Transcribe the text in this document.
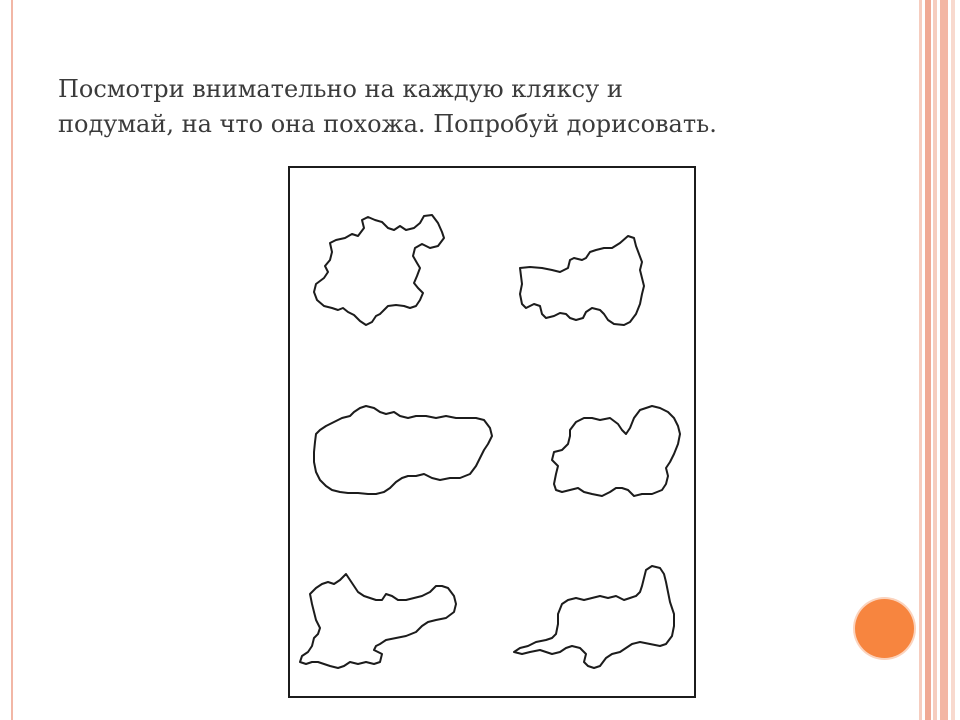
Посмотри внимательно на каждую кляксу и
подумай, на что она похожа. Попробуй дорисовать.
